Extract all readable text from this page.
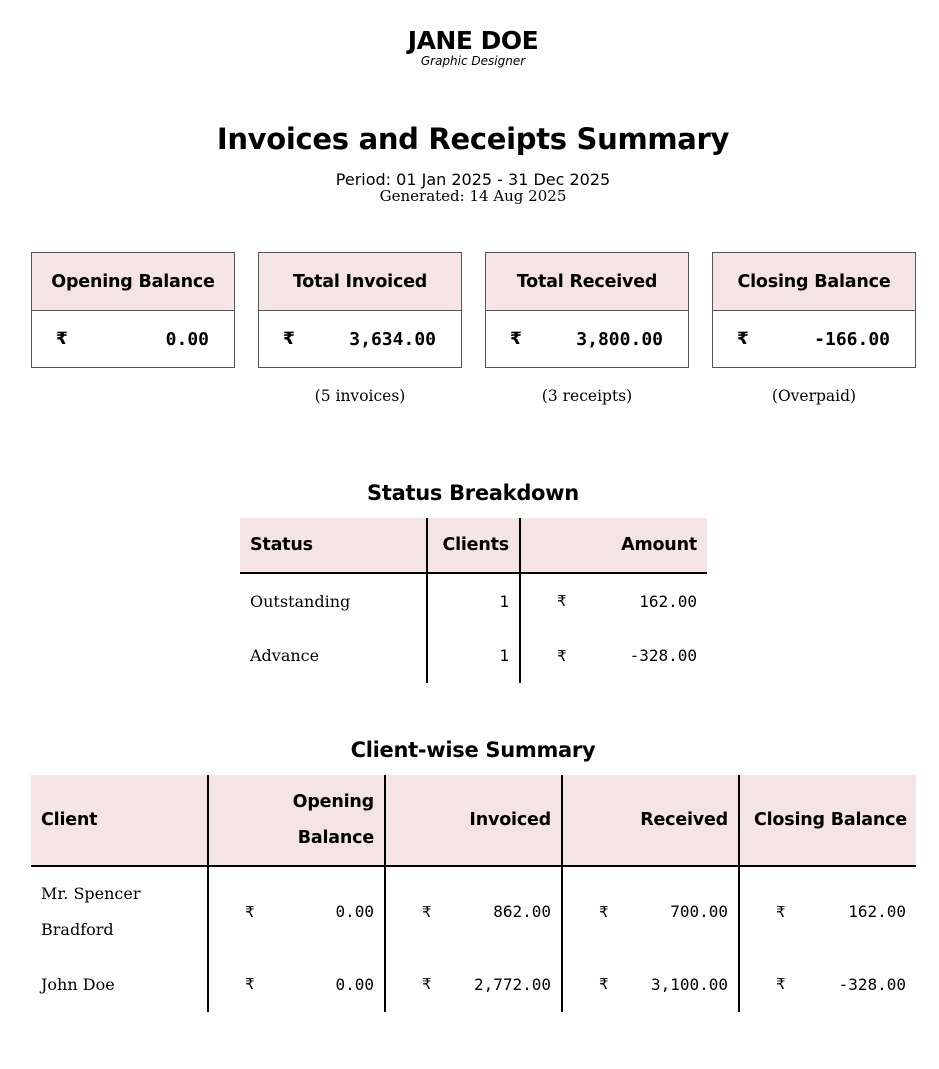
JANE DOE
Graphic Designer
Invoices and Receipts Summary
Period: 01 Jan 2025 - 31 Dec 2025
Generated: 14 Aug 2025
Opening Balance
₹	0.00
Total Invoiced
₹	3,634.00
Total Received
₹	3,800.00
Closing Balance
₹	-166.00
(5 invoices)	(3 receipts)	(Overpaid)
Status Breakdown
Status	Clients	Amount
Outstanding	1	₹ 162.00

Advance	1	₹ -328.00
Client-wise Summary
Client	Opening Balance	Invoiced	Received	Closing Balance
Mr. Spencer Bradford	₹ 0.00	₹ 862.00	₹ 700.00	₹ 162.00

John Doe	₹ 0.00	₹ 2,772.00	₹ 3,100.00	₹ -328.00
